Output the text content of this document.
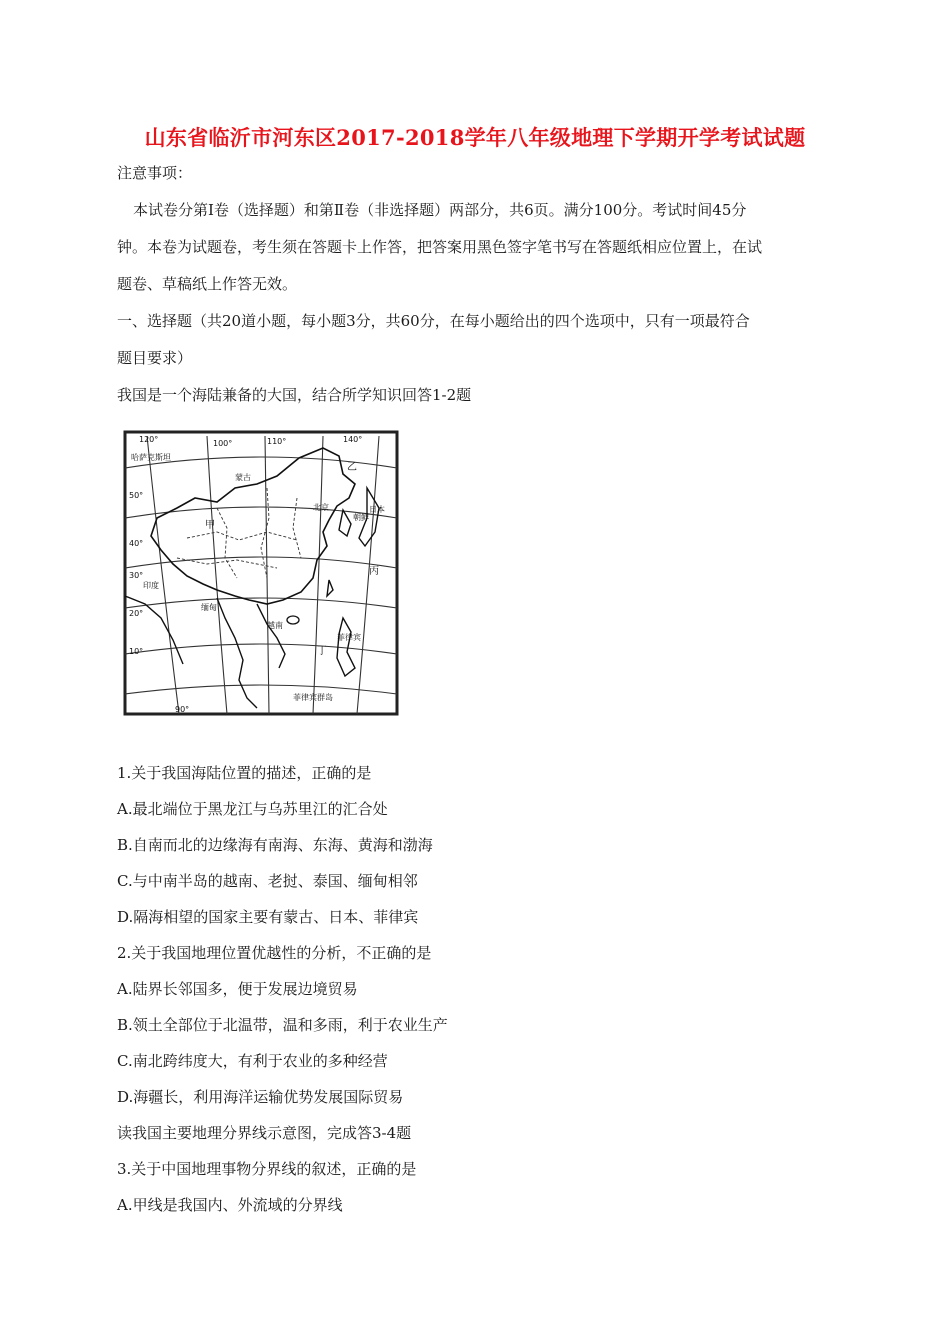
山东省临沂市河东区2017-2018学年八年级地理下学期开学考试试题
注意事项：
本试卷分第Ⅰ卷（选择题）和第Ⅱ卷（非选择题）两部分，共6页。满分100分。考试时间45分
钟。本卷为试题卷，考生须在答题卡上作答，把答案用黑色签字笔书写在答题纸相应位置上，在试
题卷、草稿纸上作答无效。
一、选择题（共20道小题，每小题3分，共60分，在每小题给出的四个选项中，只有一项最符合
题目要求）
我国是一个海陆兼备的大国，结合所学知识回答1-2题
120°	100°	110°	140°
50°
40°
30°
20°
10°
90°
甲
乙
丙
丁
蒙古
朝鲜
日本
越南
菲律宾
印度
缅甸
哈萨克斯坦
菲律宾群岛
北京
1.关于我国海陆位置的描述，正确的是
A.最北端位于黑龙江与乌苏里江的汇合处
B.自南而北的边缘海有南海、东海、黄海和渤海
C.与中南半岛的越南、老挝、泰国、缅甸相邻
D.隔海相望的国家主要有蒙古、日本、菲律宾
2.关于我国地理位置优越性的分析，不正确的是
A.陆界长邻国多，便于发展边境贸易
B.领土全部位于北温带，温和多雨，利于农业生产
C.南北跨纬度大，有利于农业的多种经营
D.海疆长，利用海洋运输优势发展国际贸易
读我国主要地理分界线示意图，完成答3-4题
3.关于中国地理事物分界线的叙述，正确的是
A.甲线是我国内、外流域的分界线
